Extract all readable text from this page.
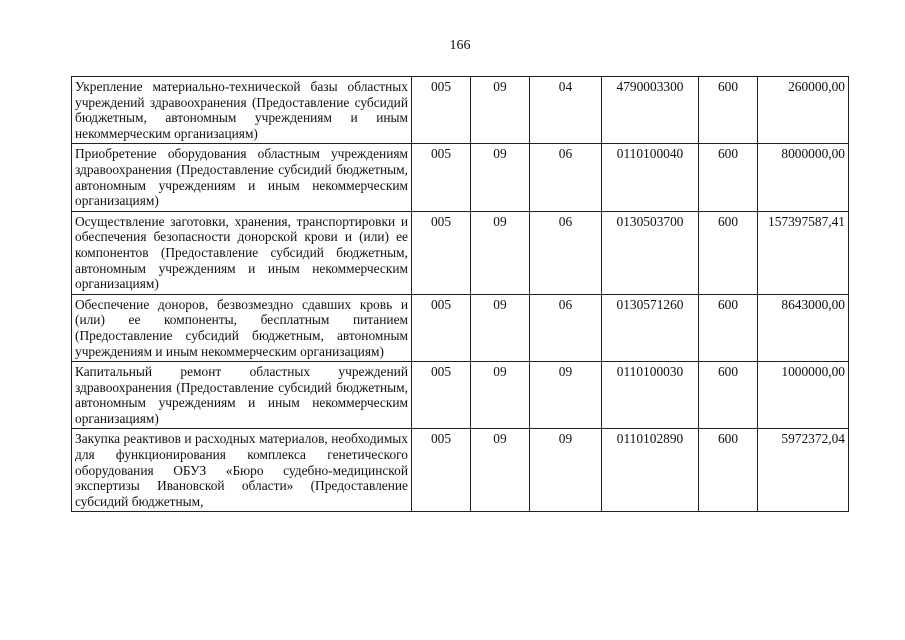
166
Укрепление материально-технической базы областных учреждений здравоохранения (Предоставление субсидий бюджетным, автономным учреждениям и иным некоммерческим организациям)	005	09	04	4790003300	600	260000,00
Приобретение оборудования областным учреждениям здравоохранения (Предоставление субсидий бюджетным, автономным учреждениям и иным некоммерческим организациям)	005	09	06	0110100040	600	8000000,00
Осуществление заготовки, хранения, транспортировки и обеспечения безопасности донорской крови и (или) ее компонентов (Предоставление субсидий бюджетным, автономным учреждениям и иным некоммерческим организациям)	005	09	06	0130503700	600	157397587,41
Обеспечение доноров, безвозмездно сдавших кровь и (или) ее компоненты, бесплатным питанием (Предоставление субсидий бюджетным, автономным учреждениям и иным некоммерческим организациям)	005	09	06	0130571260	600	8643000,00
Капитальный ремонт областных учреждений здравоохранения (Предоставление субсидий бюджетным, автономным учреждениям и иным некоммерческим организациям)	005	09	09	0110100030	600	1000000,00
Закупка реактивов и расходных материалов, необходимых для функционирования комплекса генетического оборудования ОБУЗ «Бюро судебно-медицинской экспертизы Ивановской области» (Предоставление субсидий бюджетным,	005	09	09	0110102890	600	5972372,04
